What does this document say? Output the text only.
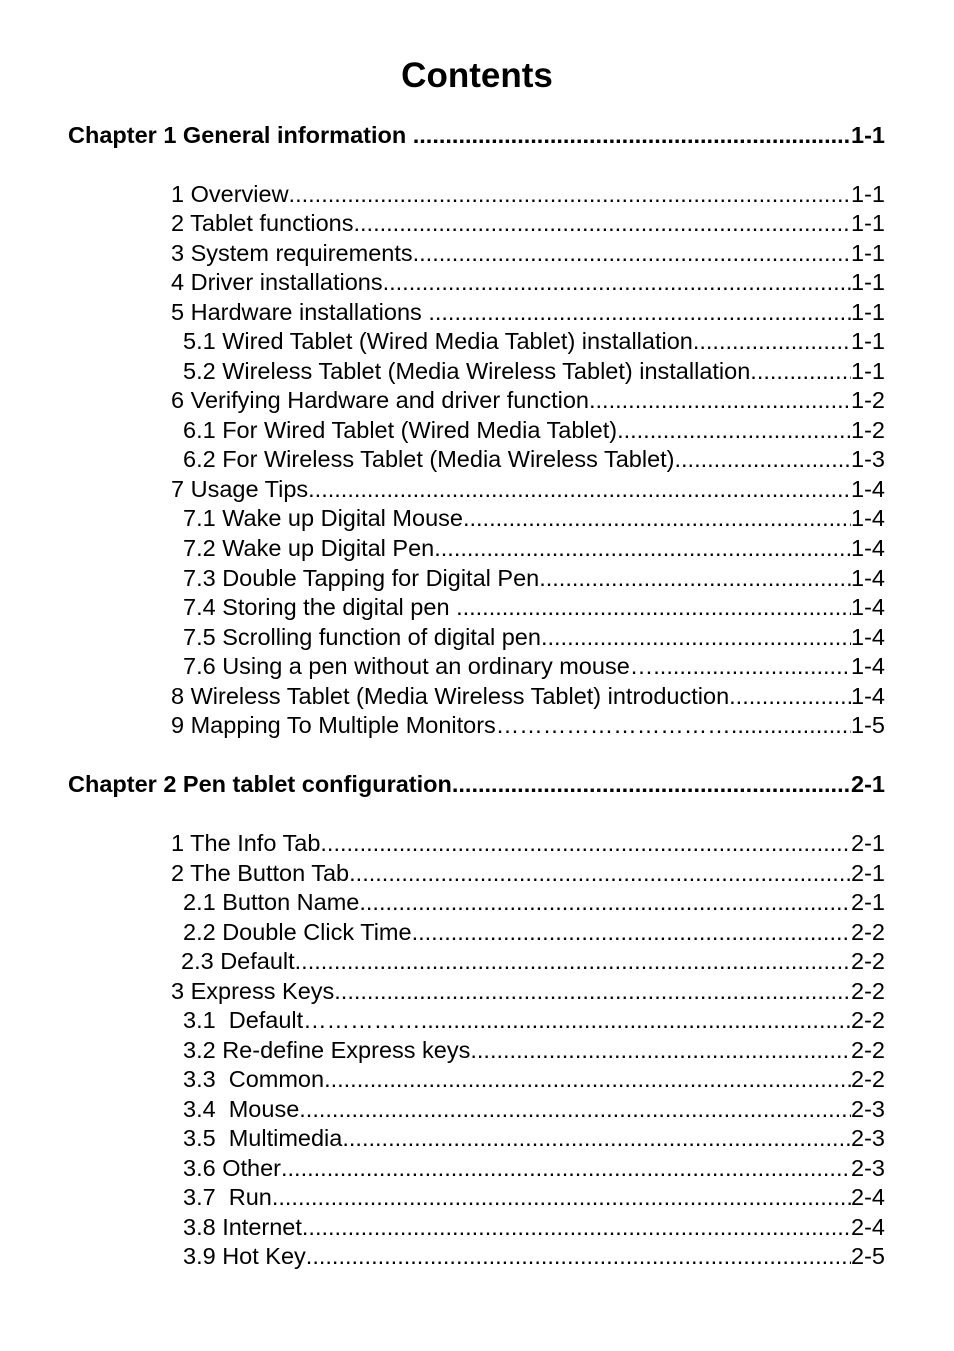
Contents
Chapter 1 General information .....	1-1
1 Overview .....	1-1
2 Tablet functions .....	1-1
3 System requirements .....	1-1
4 Driver installations .....	1-1
5 Hardware installations .....	1-1
5.1 Wired Tablet (Wired Media Tablet) installation .....	1-1
5.2 Wireless Tablet (Media Wireless Tablet) installation .....	1-1
6 Verifying Hardware and driver function .....	1-2
6.1 For Wired Tablet (Wired Media Tablet) .....	1-2
6.2 For Wireless Tablet (Media Wireless Tablet) .....	1-3
7 Usage Tips .....	1-4
7.1 Wake up Digital Mouse .....	1-4
7.2 Wake up Digital Pen .....	1-4
7.3 Double Tapping for Digital Pen .....	1-4
7.4 Storing the digital pen .....	1-4
7.5 Scrolling function of digital pen .....	1-4
7.6 Using a pen without an ordinary mouse… .....	1-4
8 Wireless Tablet (Media Wireless Tablet) introduction .....	1-4
9 Mapping To Multiple Monitors………………………… .....	1-5
Chapter 2 Pen tablet configuration .....	2-1
1 The Info Tab .....	2-1
2 The Button Tab .....	2-1
2.1 Button Name .....	2-1
2.2 Double Click Time .....	2-2
2.3 Default .....	2-2
3 Express Keys .....	2-2
3.1  Default…………… .....	2-2
3.2 Re-define Express keys .....	2-2
3.3  Common .....	2-2
3.4  Mouse .....	2-3
3.5  Multimedia .....	2-3
3.6 Other .....	2-3
3.7  Run .....	2-4
3.8 Internet .....	2-4
3.9 Hot Key .....	2-5
